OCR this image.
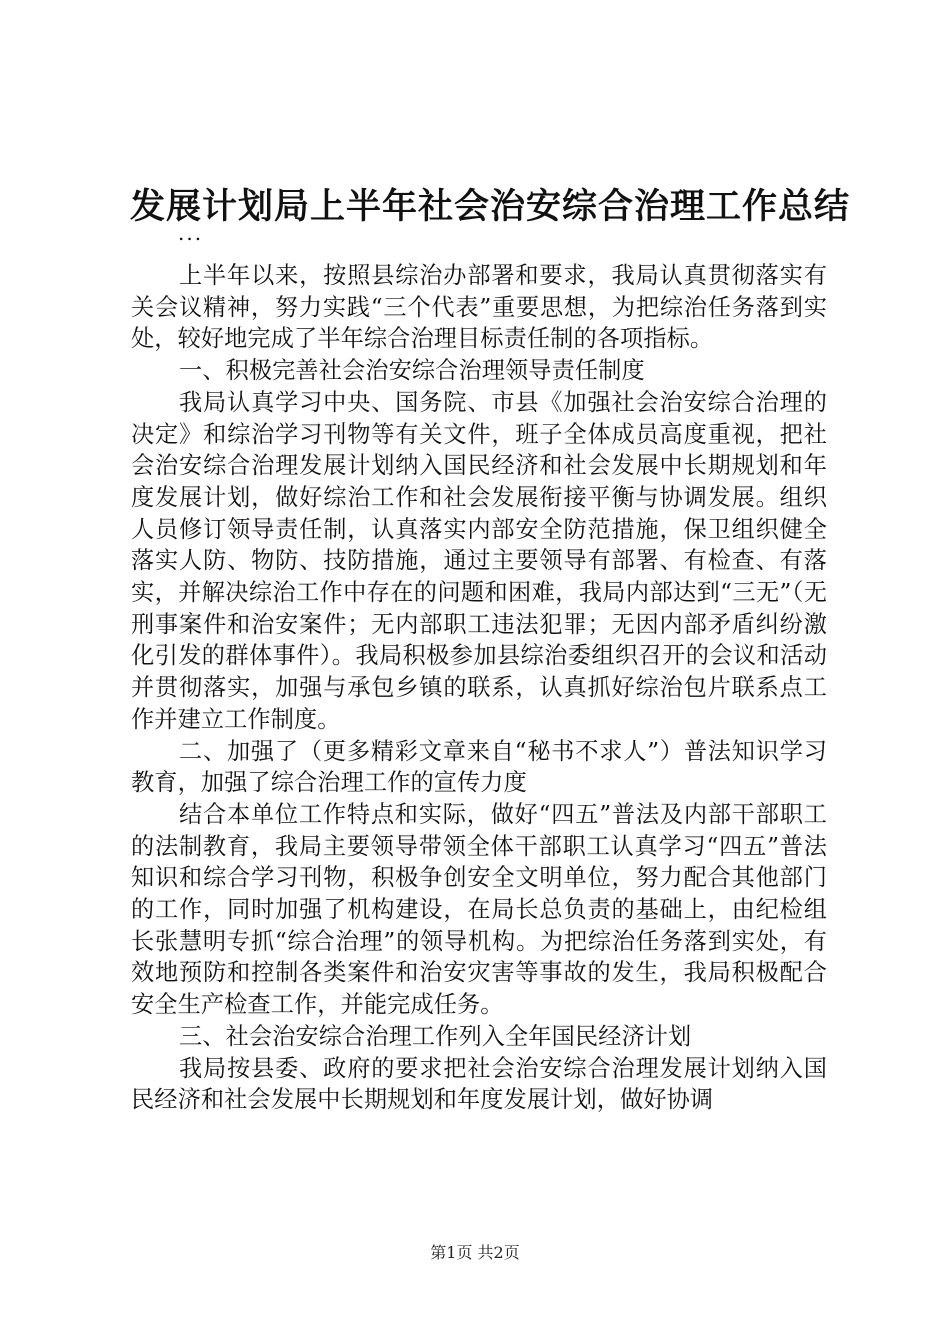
发展计划局上半年社会治安综合治理工作总结
...

上半年以来，按照县综治办部署和要求，我局认真贯彻落实有关会议精神，努力实践“三个代表”重要思想，为把综治任务落到实处，较好地完成了半年综合治理目标责任制的各项指标。

一、积极完善社会治安综合治理领导责任制度

我局认真学习中央、国务院、市县《加强社会治安综合治理的决定》和综治学习刊物等有关文件，班子全体成员高度重视，把社会治安综合治理发展计划纳入国民经济和社会发展中长期规划和年度发展计划，做好综治工作和社会发展衔接平衡与协调发展。组织人员修订领导责任制，认真落实内部安全防范措施，保卫组织健全落实人防、物防、技防措施，通过主要领导有部署、有检查、有落实，并解决综治工作中存在的问题和困难，我局内部达到“三无”（无刑事案件和治安案件；无内部职工违法犯罪；无因内部矛盾纠纷激化引发的群体事件）。我局积极参加县综治委组织召开的会议和活动并贯彻落实，加强与承包乡镇的联系，认真抓好综治包片联系点工作并建立工作制度。

二、加强了（更多精彩文章来自“秘书不求人”）普法知识学习教育，加强了综合治理工作的宣传力度

结合本单位工作特点和实际，做好“四五”普法及内部干部职工的法制教育，我局主要领导带领全体干部职工认真学习“四五”普法知识和综合学习刊物，积极争创安全文明单位，努力配合其他部门的工作，同时加强了机构建设，在局长总负责的基础上，由纪检组长张慧明专抓“综合治理”的领导机构。为把综治任务落到实处，有效地预防和控制各类案件和治安灾害等事故的发生，我局积极配合安全生产检查工作，并能完成任务。

三、社会治安综合治理工作列入全年国民经济计划

我局按县委、政府的要求把社会治安综合治理发展计划纳入国民经济和社会发展中长期规划和年度发展计划，做好协调

第1页 共2页
